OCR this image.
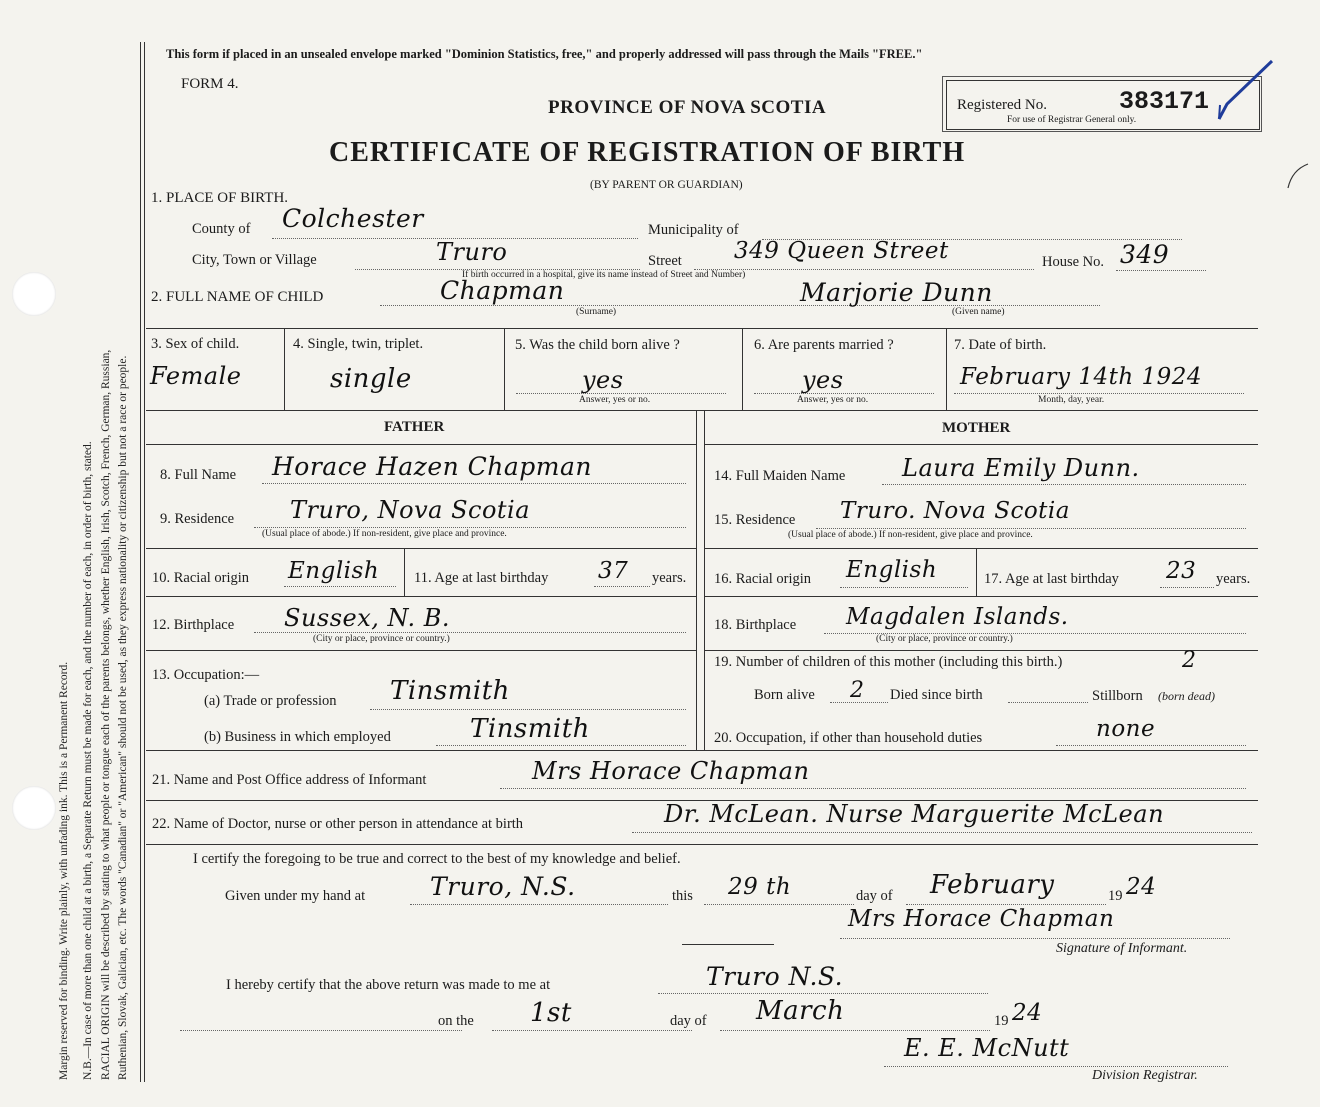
Margin reserved for binding. Write plainly, with unfading ink. This is a Permanent Record. N.B.—In case of more than one child at a birth, a Separate Return must be made for each, and the number of each, in order of birth, stated. RACIAL ORIGIN will be described by stating to what people or tongue each of the parents belongs, whether English, Irish, Scotch, French, German, Russian, Ruthenian, Slovak, Galician, etc. The words "Canadian" or "American" should not be used, as they express nationality or citizenship but not a race or people.
This form if placed in an unsealed envelope marked "Dominion Statistics, free," and properly addressed will pass through the Mails "FREE."
FORM 4.
PROVINCE OF NOVA SCOTIA
CERTIFICATE OF REGISTRATION OF BIRTH
(BY PARENT OR GUARDIAN)
Registered No.	383171
For use of Registrar General only.
1. PLACE OF BIRTH.
County of Colchester	Municipality of
City, Town or Village	Truro	Street 349 Queen Street
If birth occurred in a hospital, give its name instead of Street and Number)
House No. 349
2. FULL NAME OF CHILD	Chapman
(Surname)
Marjorie Dunn
(Given name)
3. Sex of child.
Female
4. Single, twin, triplet.
single
5. Was the child born alive ?
yes
Answer, yes or no.
6. Are parents married ?
yes
Answer, yes or no.
7. Date of birth.
February 14th 1924
Month, day, year.
FATHER
8. Full Name Horace Hazen Chapman
9. Residence Truro, Nova Scotia
(Usual place of abode.) If non-resident, give place and province.
10. Racial origin English 11. Age at last birthday 37 years.
12. Birthplace Sussex, N. B.
(City or place, province or country.)
13. Occupation:—
(a) Trade or profession Tinsmith
(b) Business in which employed	Tinsmith
MOTHER
14. Full Maiden Name Laura Emily Dunn.
15. Residence Truro. Nova Scotia
(Usual place of abode.) If non-resident, give place and province.
16. Racial origin English	17. Age at last birthday 23 years.
18. Birthplace Magdalen Islands.
(City or place, province or country.)
19. Number of children of this mother (including this birth.)	2
Born alive 2 Died since birth	Stillborn (born dead)
20. Occupation, if other than household duties	none
21. Name and Post Office address of Informant	Mrs Horace Chapman
22. Name of Doctor, nurse or other person in attendance at birth	Dr. McLean. Nurse Marguerite McLean
I certify the foregoing to be true and correct to the best of my knowledge and belief.
Given under my hand at	Truro, N.S.	this 29 th	day of February	19 24
Mrs Horace Chapman
Signature of Informant.
I hereby certify that the above return was made to me at	Truro N.S.
on the 1st	day of March	19 24
E. E. McNutt
Division Registrar.
